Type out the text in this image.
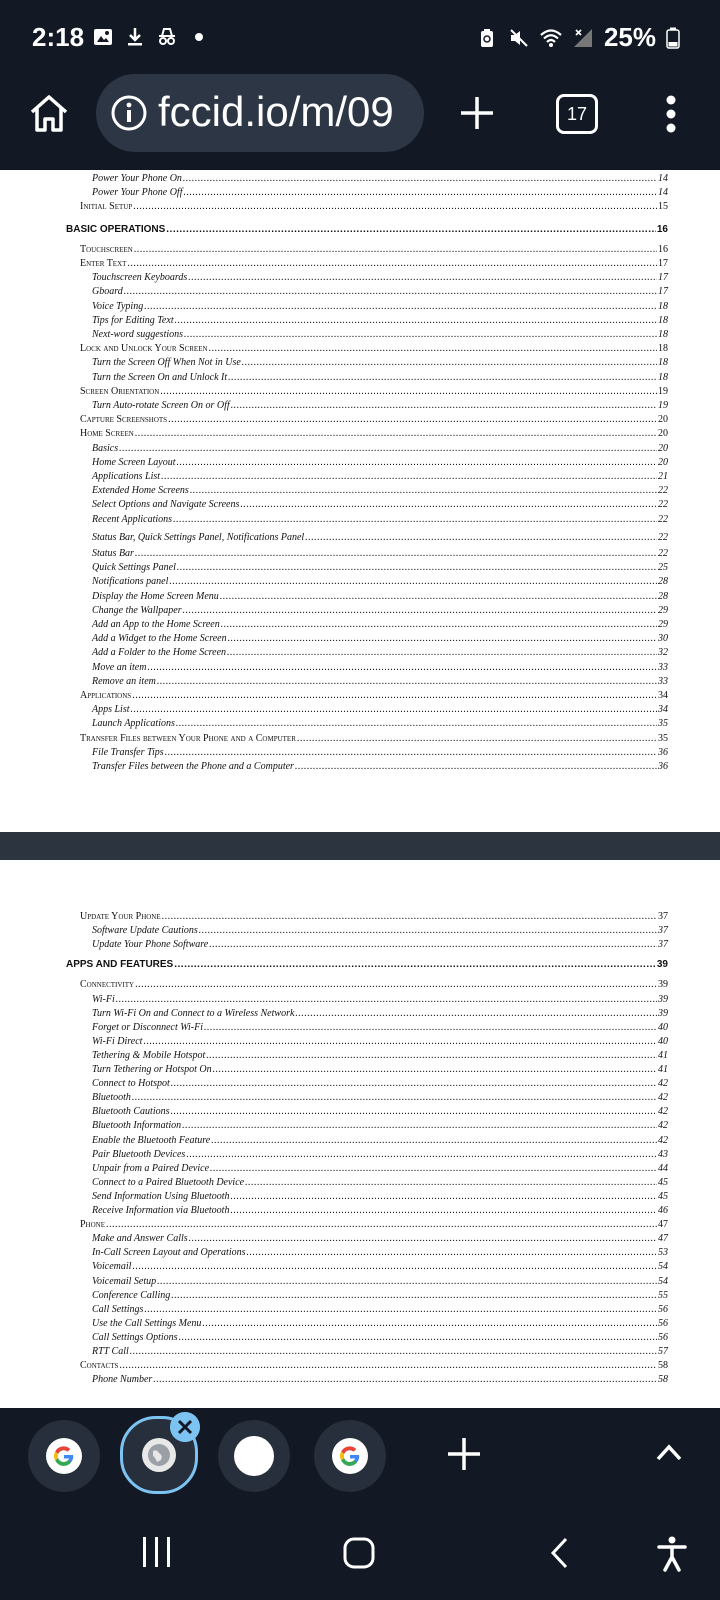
2:18	25%
fccid.io/m/09	17
Power Your Phone On .....	14
Power Your Phone Off .....	14
Initial Setup .....	15
BASIC OPERATIONS .....	16
Touchscreen .....	16
Enter Text .....	17
Touchscreen Keyboards .....	17
Gboard .....	17
Voice Typing .....	18
Tips for Editing Text .....	18
Next-word suggestions .....	18
Lock and Unlock Your Screen .....	18
Turn the Screen Off When Not in Use .....	18
Turn the Screen On and Unlock It .....	18
Screen Orientation .....	19
Turn Auto-rotate Screen On or Off .....	19
Capture Screenshots .....	20
Home Screen .....	20
Basics .....	20
Home Screen Layout .....	20
Applications List .....	21
Extended Home Screens .....	22
Select Options and Navigate Screens .....	22
Recent Applications .....	22
Status Bar, Quick Settings Panel, Notifications Panel .....	22
Status Bar .....	22
Quick Settings Panel .....	25
Notifications panel .....	28
Display the Home Screen Menu .....	28
Change the Wallpaper .....	29
Add an App to the Home Screen .....	29
Add a Widget to the Home Screen .....	30
Add a Folder to the Home Screen .....	32
Move an item .....	33
Remove an item .....	33
Applications .....	34
Apps List .....	34
Launch Applications .....	35
Transfer Files between Your Phone and a Computer .....	35
File Transfer Tips .....	36
Transfer Files between the Phone and a Computer .....	36
Update Your Phone .....	37
Software Update Cautions .....	37
Update Your Phone Software .....	37
APPS AND FEATURES .....	39
Connectivity .....	39
Wi-Fi .....	39
Turn Wi-Fi On and Connect to a Wireless Network .....	39
Forget or Disconnect Wi-Fi .....	40
Wi-Fi Direct .....	40
Tethering & Mobile Hotspot .....	41
Turn Tethering or Hotspot On .....	41
Connect to Hotspot .....	42
Bluetooth .....	42
Bluetooth Cautions .....	42
Bluetooth Information .....	42
Enable the Bluetooth Feature .....	42
Pair Bluetooth Devices .....	43
Unpair from a Paired Device .....	44
Connect to a Paired Bluetooth Device .....	45
Send Information Using Bluetooth .....	45
Receive Information via Bluetooth .....	46
Phone .....	47
Make and Answer Calls .....	47
In-Call Screen Layout and Operations .....	53
Voicemail .....	54
Voicemail Setup .....	54
Conference Calling .....	55
Call Settings .....	56
Use the Call Settings Menu .....	56
Call Settings Options .....	56
RTT Call .....	57
Contacts .....	58
Phone Number .....	58
